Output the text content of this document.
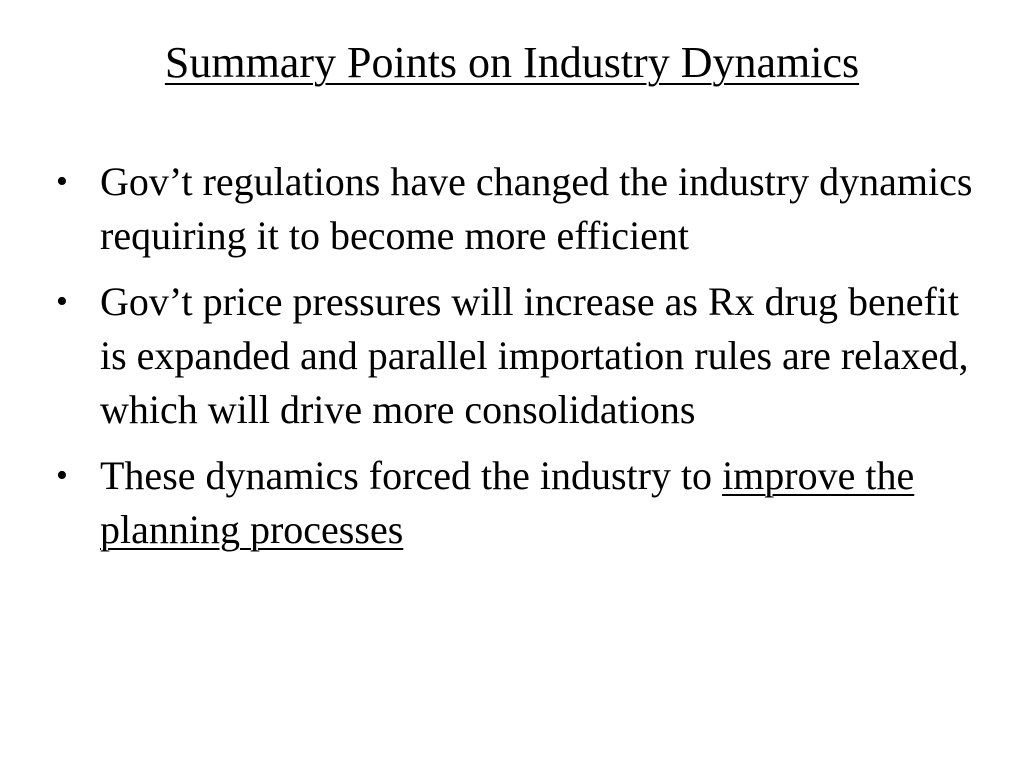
Summary Points on Industry Dynamics
• Gov’t regulations have changed the industry dynamics requiring it to become more efficient
• Gov’t price pressures will increase as Rx drug benefit is expanded and parallel importation rules are relaxed, which will drive more consolidations
• These dynamics forced the industry to improve the planning processes
